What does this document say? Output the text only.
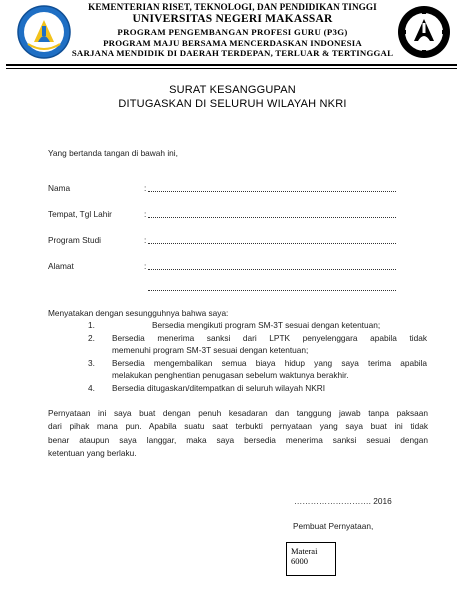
KEMENTERIAN RISET, TEKNOLOGI, DAN PENDIDIKAN TINGGI
UNIVERSITAS NEGERI MAKASSAR
PROGRAM PENGEMBANGAN PROFESI GURU (P3G)
PROGRAM MAJU BERSAMA MENCERDASKAN INDONESIA
SARJANA MENDIDIK DI DAERAH TERDEPAN, TERLUAR & TERTINGGAL
SURAT KESANGGUPAN
DITUGASKAN DI SELURUH WILAYAH NKRI
Yang bertanda tangan di bawah ini,
Nama	:
Tempat, Tgl Lahir	:
Program Studi	:
Alamat	:
Menyatakan dengan sesungguhnya bahwa saya:
1.	Bersedia mengikuti program SM-3T sesuai dengan ketentuan;
2. Bersedia menerima sanksi dari LPTK penyelenggara apabila tidak
memenuhi program SM-3T sesuai dengan ketentuan;
3. Bersedia mengembalikan semua biaya hidup yang saya terima apabila
melakukan penghentian penugasan sebelum waktunya berakhir.
4. Bersedia ditugaskan/ditempatkan di seluruh wilayah NKRI
Pernyataan ini saya buat dengan penuh kesadaran dan tanggung jawab tanpa paksaan
dari pihak mana pun. Apabila suatu saat terbukti pernyataan yang saya buat ini tidak
benar ataupun saya langgar, maka saya bersedia menerima sanksi sesuai dengan
ketentuan yang berlaku.
………………………. 2016
Pembuat Pernyataan,
Materai
6000
